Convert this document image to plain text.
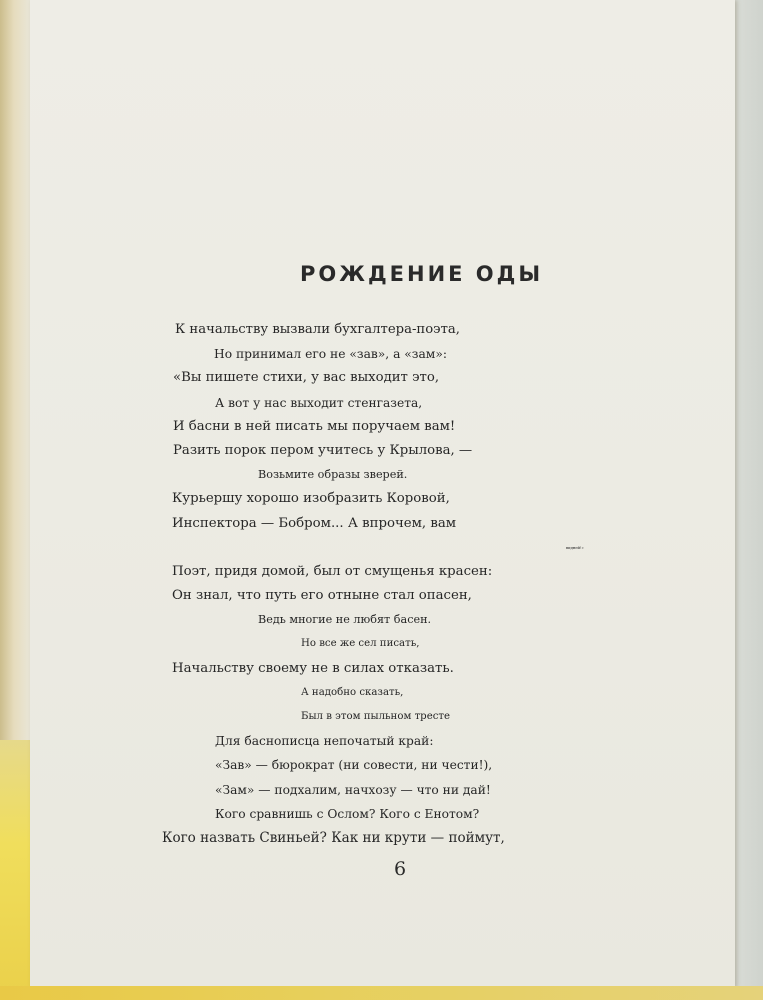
РОЖДЕНИЕ ОДЫ
К начальству вызвали бухгалтера-поэта,
Но принимал его не «зав», а «зам»:
«Вы пишете стихи, у вас выходит это,
А вот у нас выходит стенгазета,
И басни в ней писать мы поручаем вам!
Разить порок пером учитесь у Крылова, —
Возьмите образы зверей.
Курьершу хорошо изобразить Коровой,
Инспектора — Бобром... А впрочем, вам
видней!»
Поэт, придя домой, был от смущенья красен:
Он знал, что путь его отныне стал опасен,
Ведь многие не любят басен.
Но все же сел писать,
Начальству своему не в силах отказать.
А надобно сказать,
Был в этом пыльном тресте
Для баснописца непочатый край:
«Зав» — бюрократ (ни совести, ни чести!),
«Зам» — подхалим, начхозу — что ни дай!
Кого сравнишь с Ослом? Кого с Енотом?
Кого назвать Свиньей? Как ни крути — поймут,
6
